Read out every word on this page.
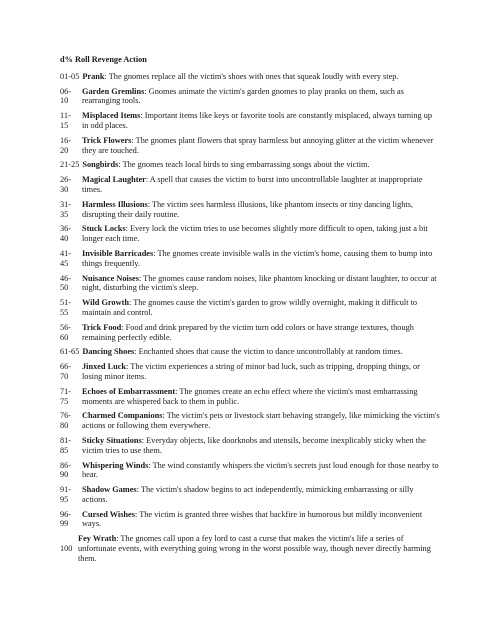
d% Roll Revenge Action
01-05 Prank: The gnomes replace all the victim's shoes with ones that squeak loudly with every step.
06-
10
Garden Gremlins: Gnomes animate the victim's garden gnomes to play pranks on them, such as rearranging tools.
11-
15
Misplaced Items: Important items like keys or favorite tools are constantly misplaced, always turning up in odd places.
16-
20
Trick Flowers: The gnomes plant flowers that spray harmless but annoying glitter at the victim whenever they are touched.
21-25 Songbirds: The gnomes teach local birds to sing embarrassing songs about the victim.
26-
30
Magical Laughter: A spell that causes the victim to burst into uncontrollable laughter at inappropriate times.
31-
35
Harmless Illusions: The victim sees harmless illusions, like phantom insects or tiny dancing lights, disrupting their daily routine.
36-
40
Stuck Locks: Every lock the victim tries to use becomes slightly more difficult to open, taking just a bit longer each time.
41-
45
Invisible Barricades: The gnomes create invisible walls in the victim's home, causing them to bump into things frequently.
46-
50
Nuisance Noises: The gnomes cause random noises, like phantom knocking or distant laughter, to occur at night, disturbing the victim's sleep.
51-
55
Wild Growth: The gnomes cause the victim's garden to grow wildly overnight, making it difficult to maintain and control.
56-
60
Trick Food: Food and drink prepared by the victim turn odd colors or have strange textures, though remaining perfectly edible.
61-65 Dancing Shoes: Enchanted shoes that cause the victim to dance uncontrollably at random times.
66-
70
Jinxed Luck: The victim experiences a string of minor bad luck, such as tripping, dropping things, or losing minor items.
71-
75
Echoes of Embarrassment: The gnomes create an echo effect where the victim's most embarrassing moments are whispered back to them in public.
76-
80
Charmed Companions: The victim's pets or livestock start behaving strangely, like mimicking the victim's actions or following them everywhere.
81-
85
Sticky Situations: Everyday objects, like doorknobs and utensils, become inexplicably sticky when the victim tries to use them.
86-
90
Whispering Winds: The wind constantly whispers the victim's secrets just loud enough for those nearby to hear.
91-
95
Shadow Games: The victim's shadow begins to act independently, mimicking embarrassing or silly actions.
96-
99
Cursed Wishes: The victim is granted three wishes that backfire in humorous but mildly inconvenient ways.
100
Fey Wrath: The gnomes call upon a fey lord to cast a curse that makes the victim's life a series of unfortunate events, with everything going wrong in the worst possible way, though never directly harming them.
